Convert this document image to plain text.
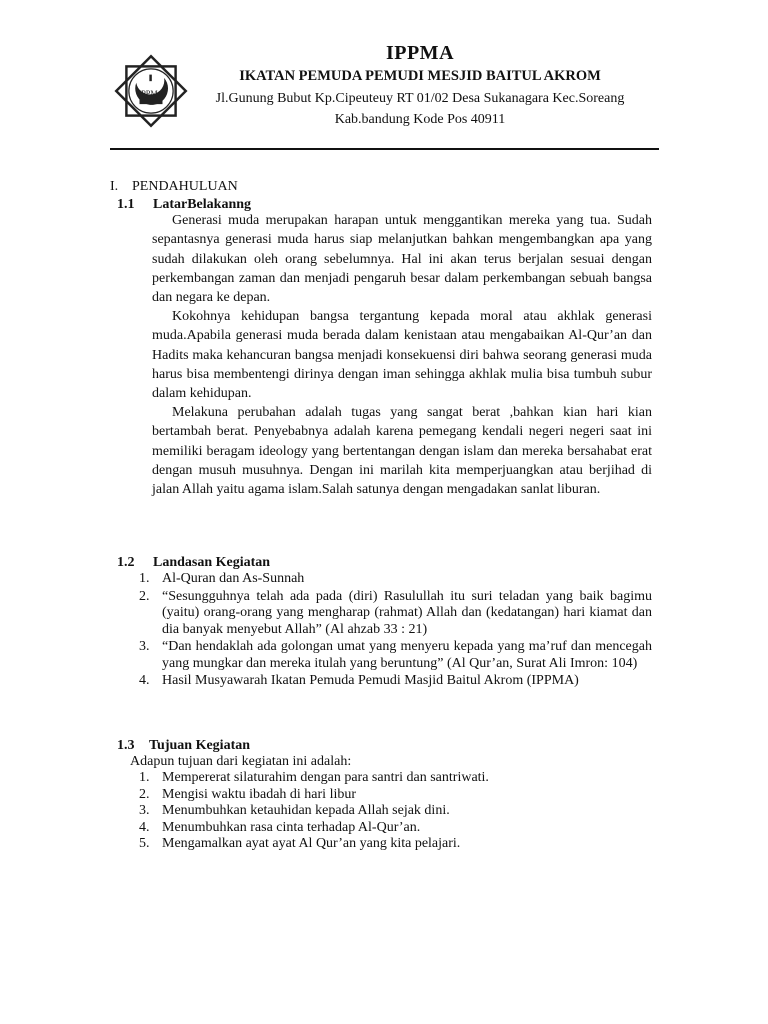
IPPMA
IPPMA
IKATAN PEMUDA PEMUDI MESJID BAITUL AKROM
Jl.Gunung Bubut Kp.Cipeuteuy RT 01/02 Desa Sukanagara Kec.Soreang
Kab.bandung Kode Pos 40911
I. PENDAHULUAN
1.1 LatarBelakanng
Generasi muda merupakan harapan untuk menggantikan mereka yang tua. Sudah sepantasnya generasi muda harus siap melanjutkan bahkan mengembangkan apa yang sudah dilakukan oleh orang sebelumnya. Hal ini akan terus berjalan sesuai dengan perkembangan zaman dan menjadi pengaruh besar dalam perkembangan sebuah bangsa dan negara ke depan.
Kokohnya kehidupan bangsa tergantung kepada moral atau akhlak generasi muda.Apabila generasi muda berada dalam kenistaan atau mengabaikan Al-Qur’an dan Hadits maka kehancuran bangsa menjadi konsekuensi diri bahwa seorang generasi muda harus bisa membentengi dirinya dengan iman sehingga akhlak mulia bisa tumbuh subur dalam kehidupan.
Melakuna perubahan adalah tugas yang sangat berat ,bahkan kian hari kian bertambah berat. Penyebabnya adalah karena pemegang kendali negeri negeri saat ini memiliki beragam ideology yang bertentangan dengan islam dan mereka bersahabat erat dengan musuh musuhnya. Dengan ini marilah kita memperjuangkan atau berjihad di jalan Allah yaitu agama islam.Salah satunya dengan mengadakan sanlat liburan.
1.2 Landasan Kegiatan
1. Al-Quran dan As-Sunnah
2. “Sesungguhnya telah ada pada (diri) Rasulullah itu suri teladan yang baik bagimu (yaitu) orang-orang yang mengharap (rahmat) Allah dan (kedatangan) hari kiamat dan dia banyak menyebut Allah” (Al ahzab 33 : 21)
3. “Dan hendaklah ada golongan umat yang menyeru kepada yang ma’ruf dan mencegah yang mungkar dan mereka itulah yang beruntung” (Al Qur’an, Surat Ali Imron: 104)
4. Hasil Musyawarah Ikatan Pemuda Pemudi Masjid Baitul Akrom (IPPMA)
1.3 Tujuan Kegiatan
Adapun tujuan dari kegiatan ini adalah:
1. Mempererat silaturahim dengan para santri dan santriwati.
2. Mengisi waktu ibadah di hari libur
3. Menumbuhkan ketauhidan kepada Allah sejak dini.
4. Menumbuhkan rasa cinta terhadap Al-Qur’an.
5. Mengamalkan ayat ayat Al Qur’an yang kita pelajari.
